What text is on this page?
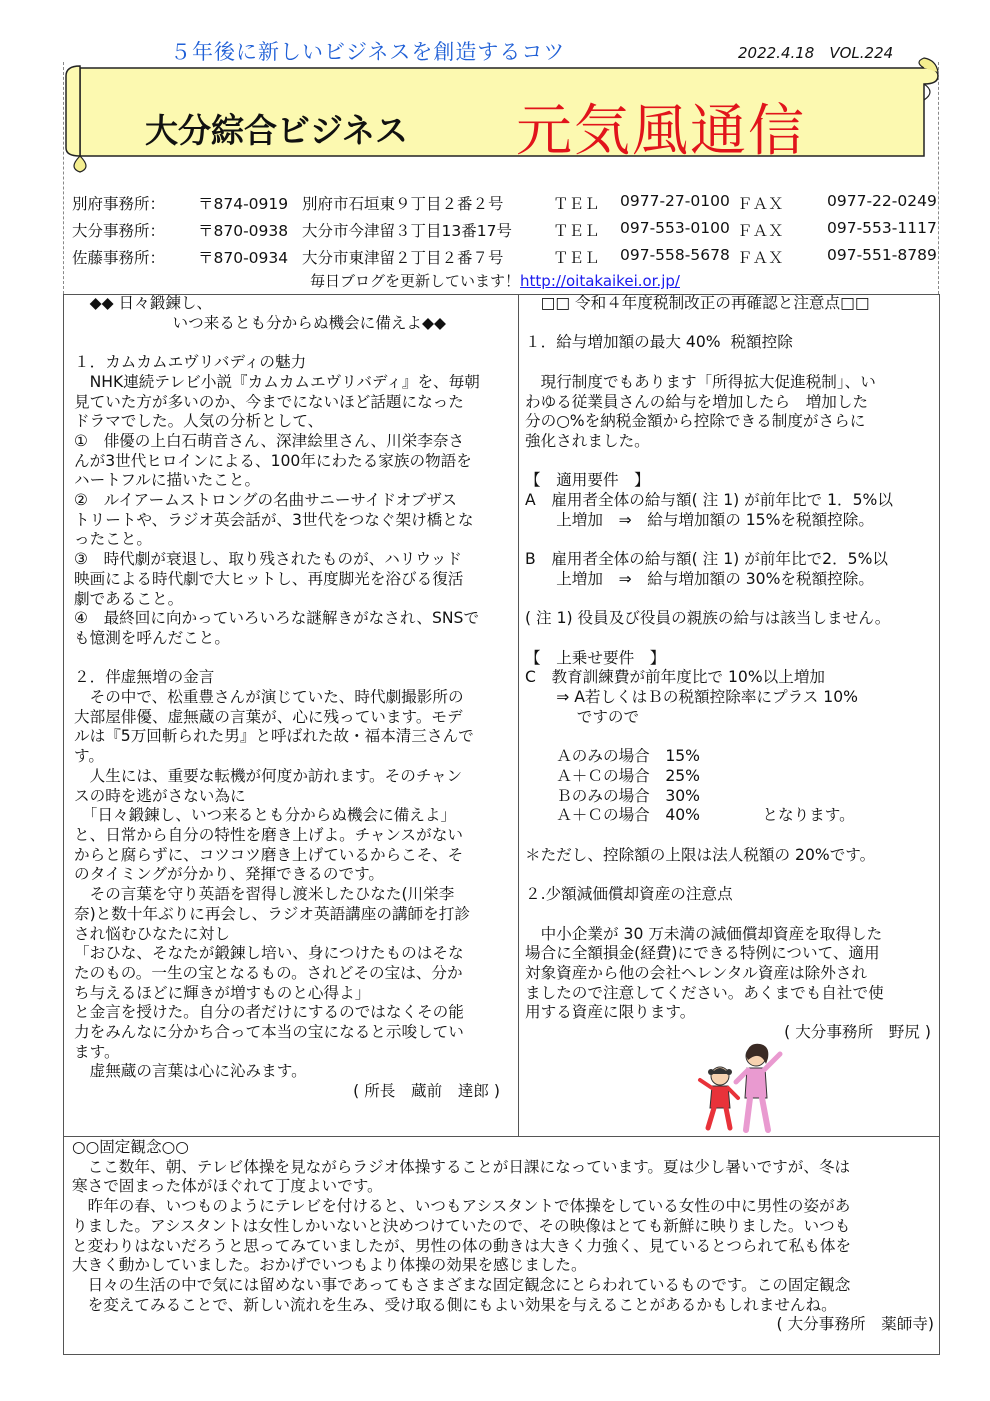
５年後に新しいビジネスを創造するコツ	2022.4.18　VOL.224
大分綜合ビジネス 元気風通信
別府事務所： 〒874-0919 別府市石垣東９丁目２番２号	ＴＥＬ 0977-27-0100 ＦＡＸ	0977-22-0249
大分事務所： 〒870-0938 大分市今津留３丁目13番17号	ＴＥＬ 097-553-0100 ＦＡＸ	097-553-1117
佐藤事務所： 〒870-0934 大分市東津留２丁目２番７号	ＴＥＬ 097-558-5678 ＦＡＸ	097-551-8789
毎日ブログを更新しています！http://oitakaikei.or.jp/

　◆◆ 日々鍛錬し、

　　　　　　 いつ来るとも分からぬ機会に備えよ◆◆

１．カムカムエヴリバディの魅力

　NHK連続テレビ小説『カムカムエヴリバディ』を、毎朝

見ていた方が多いのか、今までにないほど話題になった

ドラマでした。人気の分析として、

①　俳優の上白石萌音さん、深津絵里さん、川栄李奈さ

んが3世代ヒロインによる、100年にわたる家族の物語を

ハートフルに描いたこと。

②　ルイアームストロングの名曲サニーサイドオブザス

トリートや、ラジオ英会話が、3世代をつなぐ架け橋とな

ったこと。

③　時代劇が衰退し、取り残されたものが、ハリウッド

映画による時代劇で大ヒットし、再度脚光を浴びる復活

劇であること。

④　最終回に向かっていろいろな謎解きがなされ、SNSで

も憶測を呼んだこと。

２．伴虚無増の金言

　その中で、松重豊さんが演じていた、時代劇撮影所の

大部屋俳優、虚無蔵の言葉が、心に残っています。モデ

ルは『5万回斬られた男』と呼ばれた故・福本清三さんで

す。

　人生には、重要な転機が何度か訪れます。そのチャン

スの時を逃がさない為に

　「日々鍛錬し、いつ来るとも分からぬ機会に備えよ」

と、日常から自分の特性を磨き上げよ。チャンスがない

からと腐らずに、コツコツ磨き上げているからこそ、そ

のタイミングが分かり、発揮できるのです。

　その言葉を守り英語を習得し渡米したひなた(川栄李

奈)と数十年ぶりに再会し、ラジオ英語講座の講師を打診

され悩むひなたに対し

「おひな、そなたが鍛錬し培い、身につけたものはそな

たのもの。一生の宝となるもの。されどその宝は、分か

ち与えるほどに輝きが増すものと心得よ」

と金言を授けた。自分の者だけにするのではなくその能

力をみんなに分かち合って本当の宝になると示唆してい

ます。

　虚無蔵の言葉は心に沁みます。

( 所長　蔵前　達郎 )

　□□ 令和４年度税制改正の再確認と注意点□□

１．給与増加額の最大 40%  税額控除

　現行制度でもあります「所得拡大促進税制」、い

わゆる従業員さんの給与を増加したら　増加した

分の○%を納税金額から控除できる制度がさらに

強化されました。

【　適用要件　】

A　雇用者全体の給与額( 注 1) が前年比で 1．5%以

　　上増加　⇒　給与増加額の 15%を税額控除。

B　雇用者全体の給与額( 注 1) が前年比で2．5%以

　　上増加　⇒　給与増加額の 30%を税額控除。

( 注 1) 役員及び役員の親族の給与は該当しません。

【　上乗せ要件　】

C　教育訓練費が前年度比で 10%以上増加

　　⇒ A若しくはＢの税額控除率にプラス 10%

　　　 ですので

　　Ａのみの場合　15%

　　Ａ＋Ｃの場合　25%

　　Ｂのみの場合　30%

　　Ａ＋Ｃの場合　40%　　　　となります。

＊ただし、控除額の上限は法人税額の 20%です。

２.少額減価償却資産の注意点

　中小企業が 30 万未満の減価償却資産を取得した

場合に全額損金(経費)にできる特例について、適用

対象資産から他の会社へレンタル資産は除外され

ましたので注意してください。あくまでも自社で使

用する資産に限ります。

( 大分事務所　野尻 )

○○固定観念○○

　ここ数年、朝、テレビ体操を見ながらラジオ体操することが日課になっています。夏は少し暑いですが、冬は

寒さで固まった体がほぐれて丁度よいです。

　昨年の春、いつものようにテレビを付けると、いつもアシスタントで体操をしている女性の中に男性の姿があ

りました。アシスタントは女性しかいないと決めつけていたので、その映像はとても新鮮に映りました。いつも

と変わりはないだろうと思ってみていましたが、男性の体の動きは大きく力強く、見ているとつられて私も体を

大きく動かしていました。おかげでいつもより体操の効果を感じました。

　日々の生活の中で気には留めない事であってもさまざまな固定観念にとらわれているものです。この固定観念

　を変えてみることで、新しい流れを生み、受け取る側にもよい効果を与えることがあるかもしれませんね。

( 大分事務所　薬師寺)
